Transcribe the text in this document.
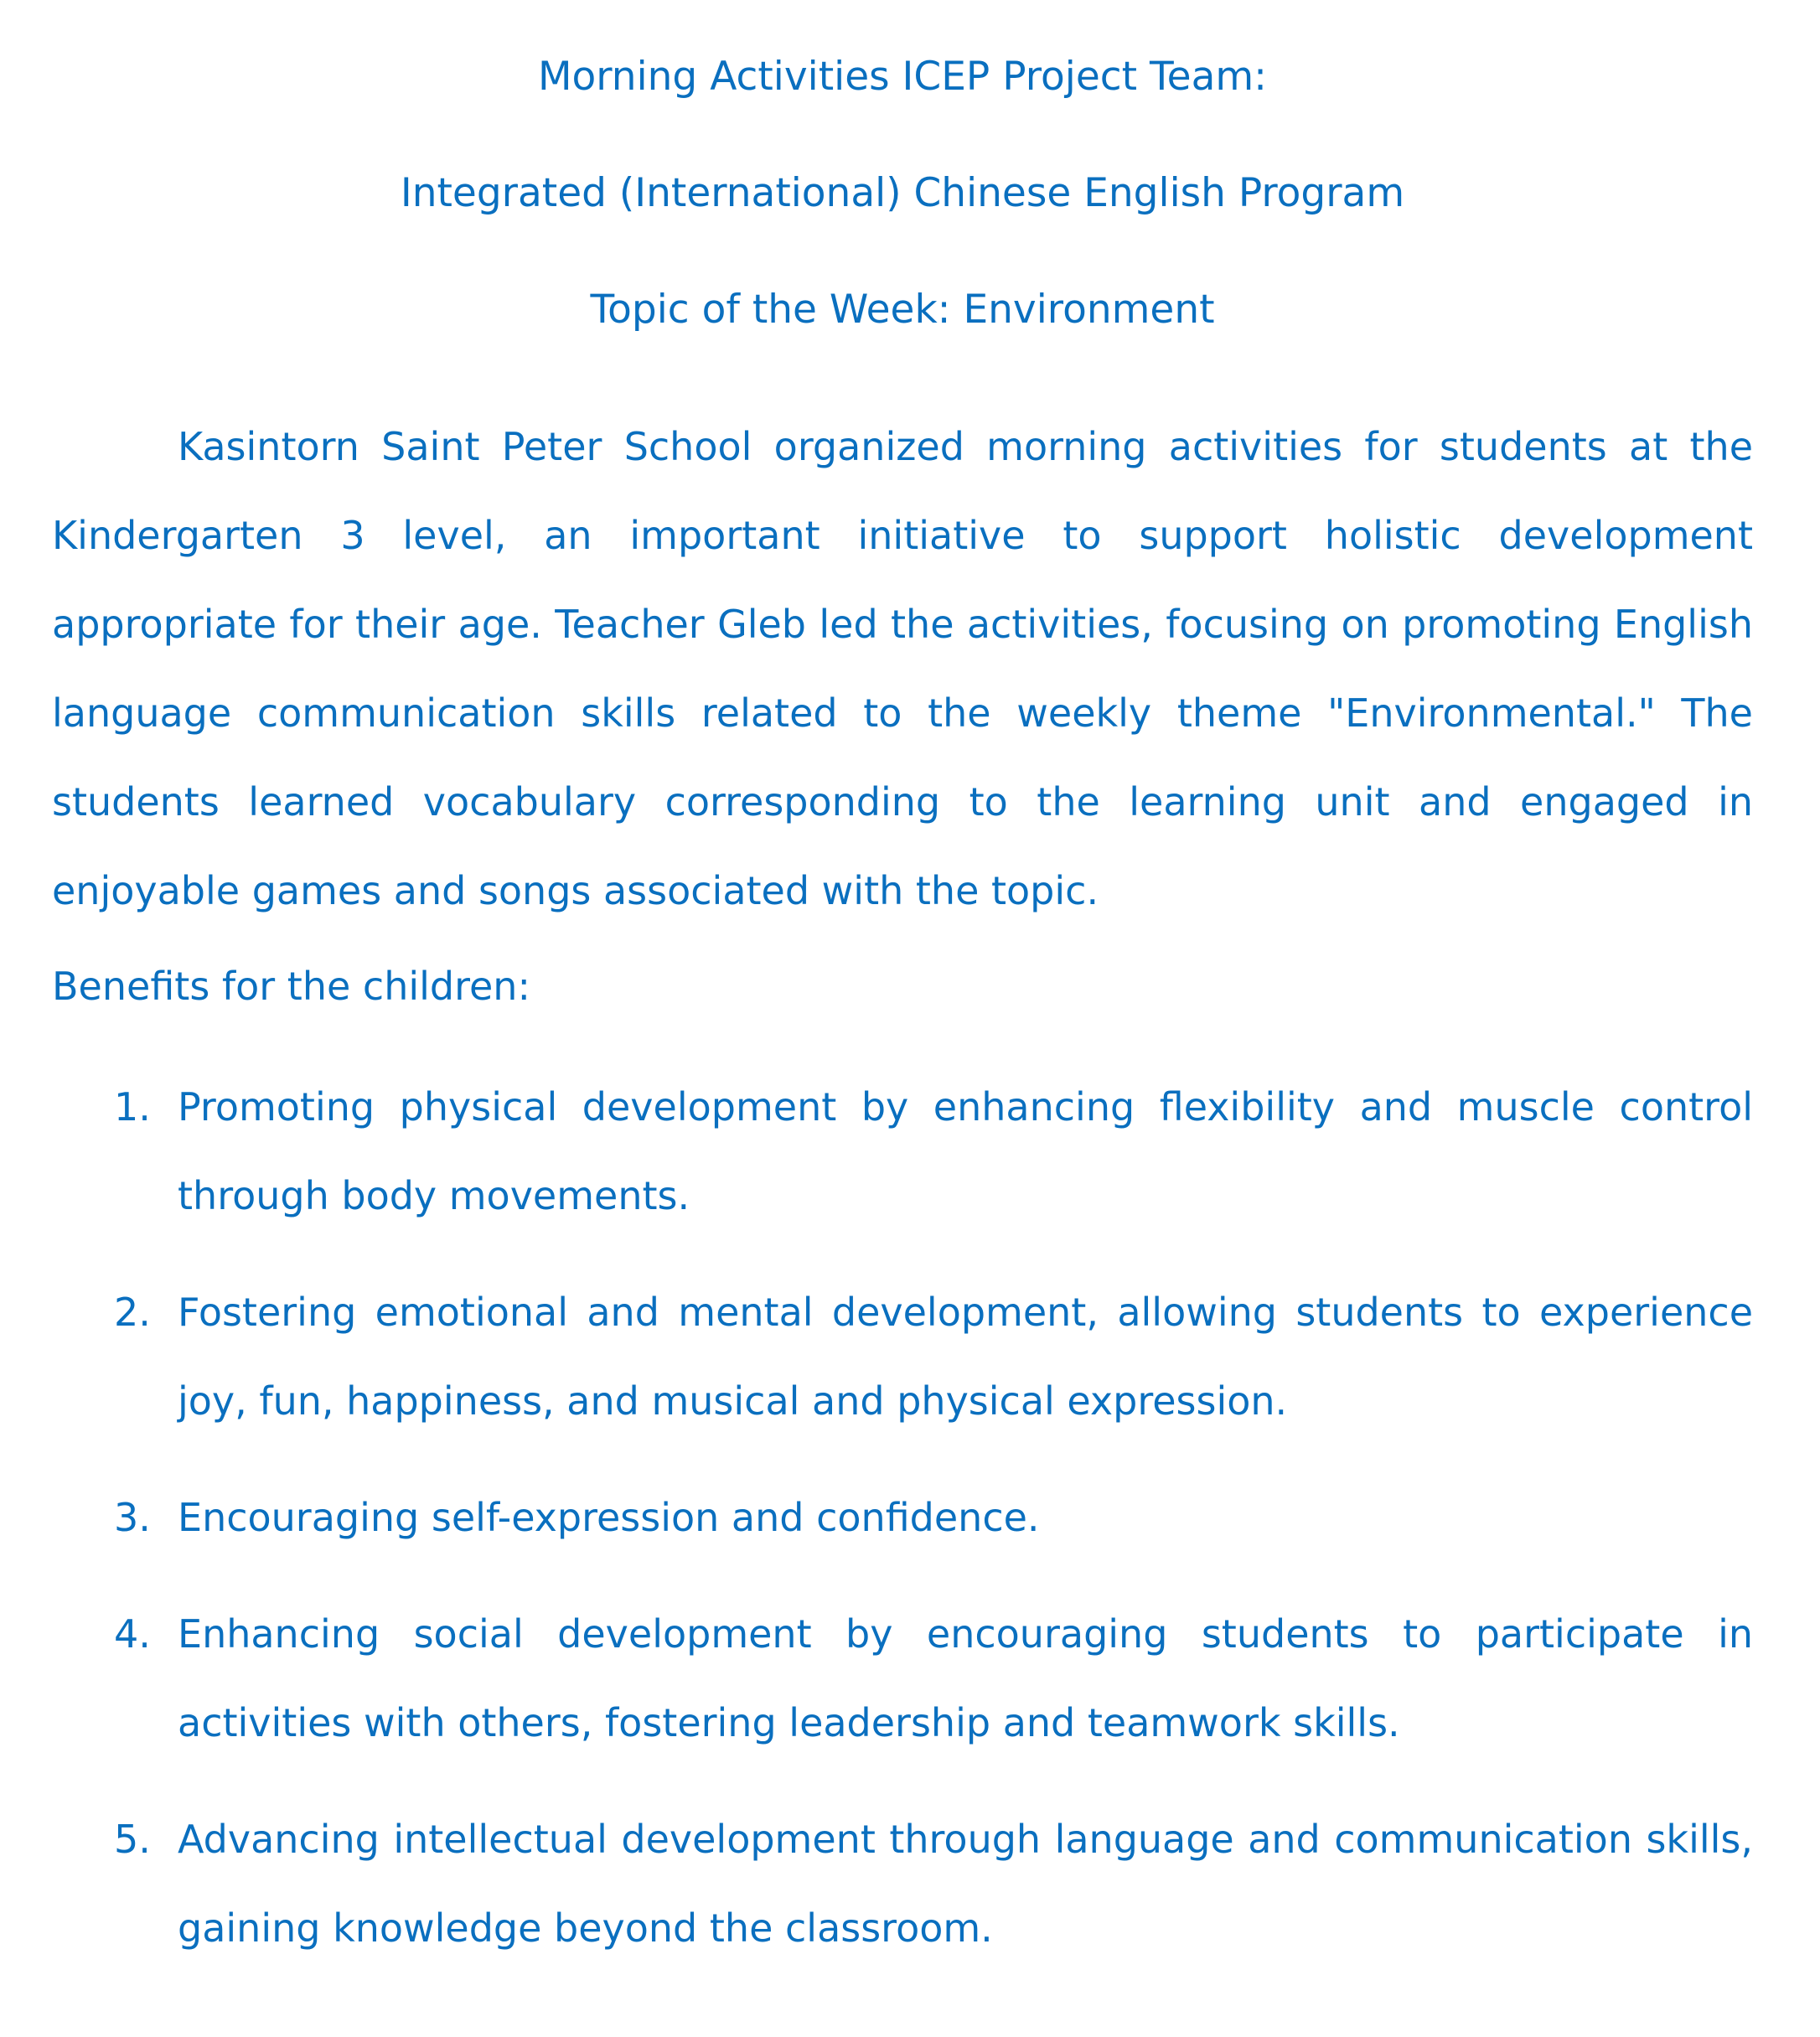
Morning Activities ICEP Project Team:

Integrated (International) Chinese English Program

Topic of the Week: Environment

Kasintorn Saint Peter School organized morning activities for students at the Kindergarten 3 level, an important initiative to support holistic development appropriate for their age. Teacher Gleb led the activities, focusing on promoting English language communication skills related to the weekly theme "Environmental." The students learned vocabulary corresponding to the learning unit and engaged in enjoyable games and songs associated with the topic.

Benefits for the children:

1. Promoting physical development by enhancing flexibility and muscle control through body movements.
2. Fostering emotional and mental development, allowing students to experience joy, fun, happiness, and musical and physical expression.
3. Encouraging self-expression and confidence.
4. Enhancing social development by encouraging students to participate in activities with others, fostering leadership and teamwork skills.
5. Advancing intellectual development through language and communication skills, gaining knowledge beyond the classroom.
